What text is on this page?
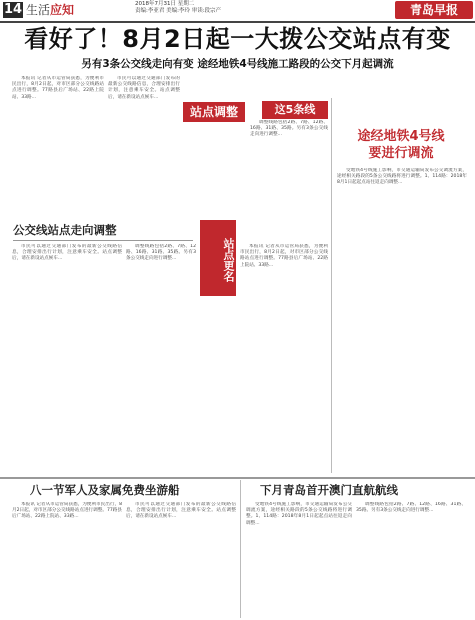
14 生活应知	2018年7月31日 星期二
责编:李亚君 美编:李玲 审读:段宗产	青岛早报
看好了！8月2日起一大拨公交站点有变
另有3条公交线走向有变 途经地铁4号线施工路段的公交下月起调流

本报讯 记者从市运管局获悉，为便利市民出行，8月2日起，对市区部分公交线路站点进行调整。77路县后广场站、22路上院站、33路...

市民可以通过交通部门发布的最新公交线路信息，合理安排出行计划，注意乘车安全。站点调整后，请在新设站点候车...

调整线路包括2路、7路、12路、16路、31路、35路。另有3条公交线走向进行调整...

站点调整	这5条线
途经地铁4号线
要进行调流

受地铁4号线施工影响，市交通运输局发布公交调流方案，途经相关路段的5条公交线路将进行调整。1、114路：2018年8月1日起起点站往返走向调整...

公交线站点走向调整
站点更名

市民可以通过交通部门发布的最新公交线路信息，合理安排出行计划，注意乘车安全。站点调整后，请在新设站点候车...

调整线路包括2路、7路、12路、16路、31路、35路。另有3条公交线走向进行调整...

本报讯 记者从市运管局获悉，为便利市民出行，8月2日起，对市区部分公交线路站点进行调整。77路县后广场站、22路上院站、33路...

八一节军人及家属免费坐游船	下月青岛首开澳门直航航线

本报讯 记者从市运管局获悉，为便利市民出行，8月2日起，对市区部分公交线路站点进行调整。77路县后广场站、22路上院站、33路...

市民可以通过交通部门发布的最新公交线路信息，合理安排出行计划，注意乘车安全。站点调整后，请在新设站点候车...

受地铁4号线施工影响，市交通运输局发布公交调流方案，途经相关路段的5条公交线路将进行调整。1、114路：2018年8月1日起起点站往返走向调整...

调整线路包括2路、7路、12路、16路、31路、35路。另有3条公交线走向进行调整...
